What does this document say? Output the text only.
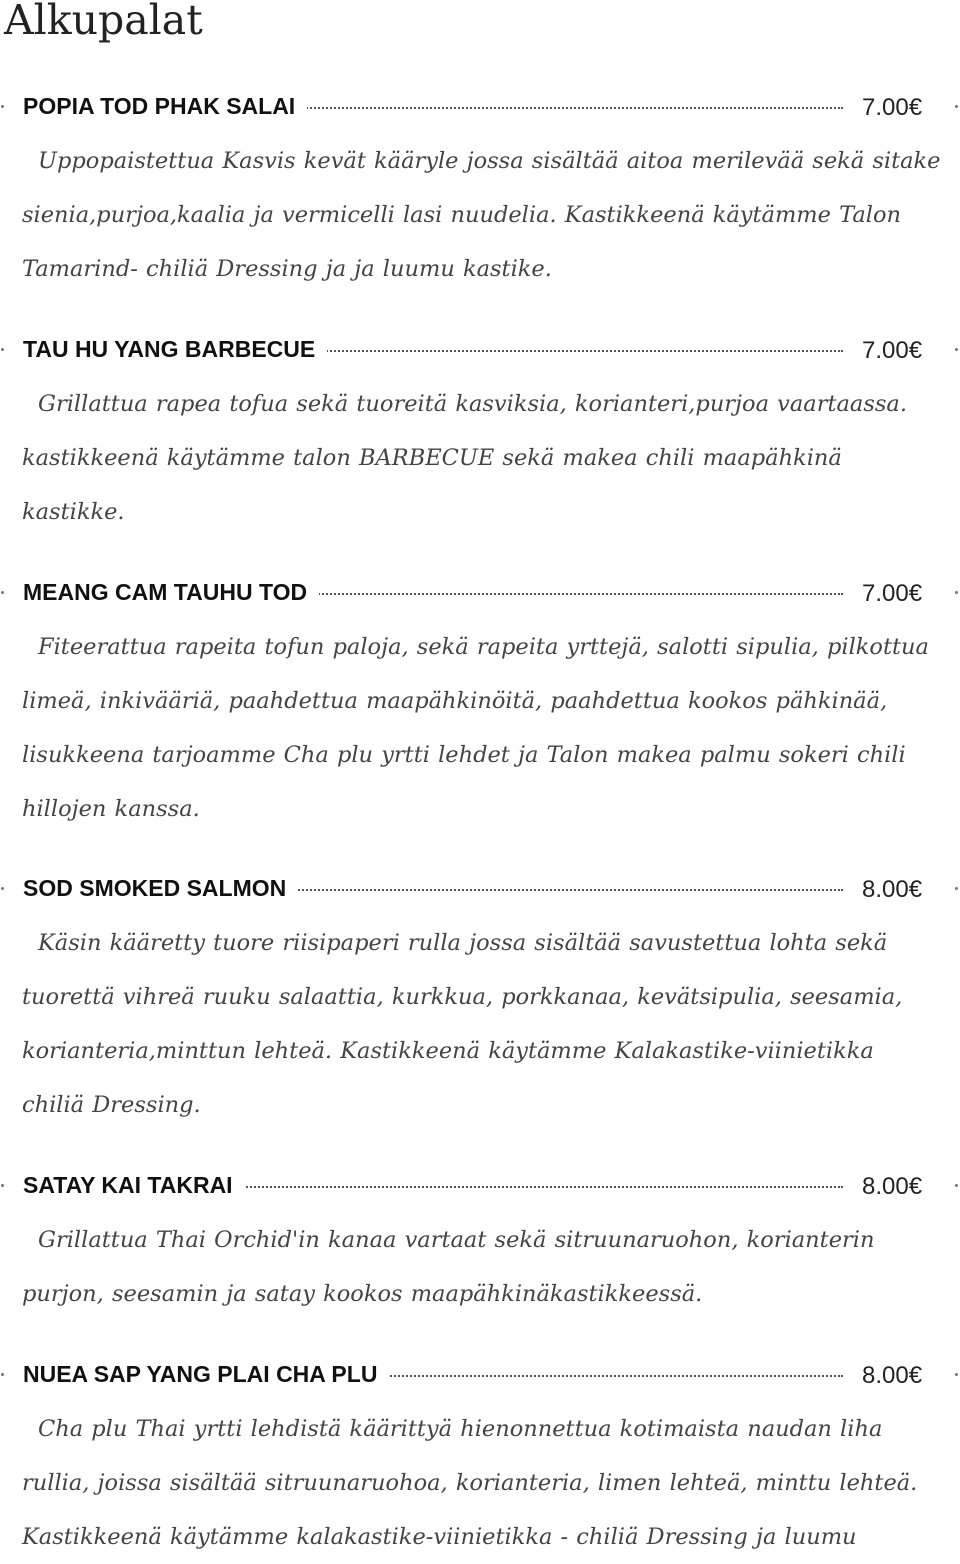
Alkupalat
POPIA TOD PHAK SALAI	7.00€
Uppopaistettua Kasvis kevät kääryle jossa sisältää aitoa merilevää sekä sitake sieniа,purjoa,kaalia ja vermicelli lasi nuudelia. Kastikkeenä käytämme Talon Tamarind- chiliä Dressing ja ja luumu kastike.
TAU HU YANG BARBECUE	7.00€
Grillattua rapea tofua sekä tuoreitä kasviksia, korianteri,purjoa vaartaassa. kastikkeenä käytämme talon BARBECUE sekä makea chili maapähkinä kastikke.
MEANG CAM TAUHU TOD	7.00€
Fiteerattua rapeita tofun paloja, sekä rapeita yrttejä, salotti sipulia, pilkottua limeä, inkivääriä, paahdettua maapähkinöitä, paahdettua kookos pähkinää, lisukkeena tarjoamme Cha plu yrtti lehdet ja Talon makea palmu sokeri chili hillojen kanssa.
SOD SMOKED SALMON	8.00€
Käsin kääretty tuore riisipaperi rulla jossa sisältää savustettua lohta sekä tuorettä vihreä ruuku salaattia, kurkkua, porkkanaa, kevätsipulia, seesamia, korianteria,minttun lehteä. Kastikkeenä käytämme Kalakastike-viinietikka chiliä Dressing.
SATAY KAI TAKRAI	8.00€
Grillattua Thai Orchid'in kanaa vartaat sekä sitruunaruohon, korianterin purjon, seesamin ja satay kookos maapähkinäkastikkeessä.
NUEA SAP YANG PLAI CHA PLU	8.00€
Cha plu Thai yrtti lehdistä käärittyä hienonnettua kotimaista naudan liha rullia, joissa sisältää sitruunaruohoa, korianteria, limen lehteä, minttu lehteä. Kastikkeenä käytämme kalakastike-viinietikka - chiliä Dressing ja luumu
